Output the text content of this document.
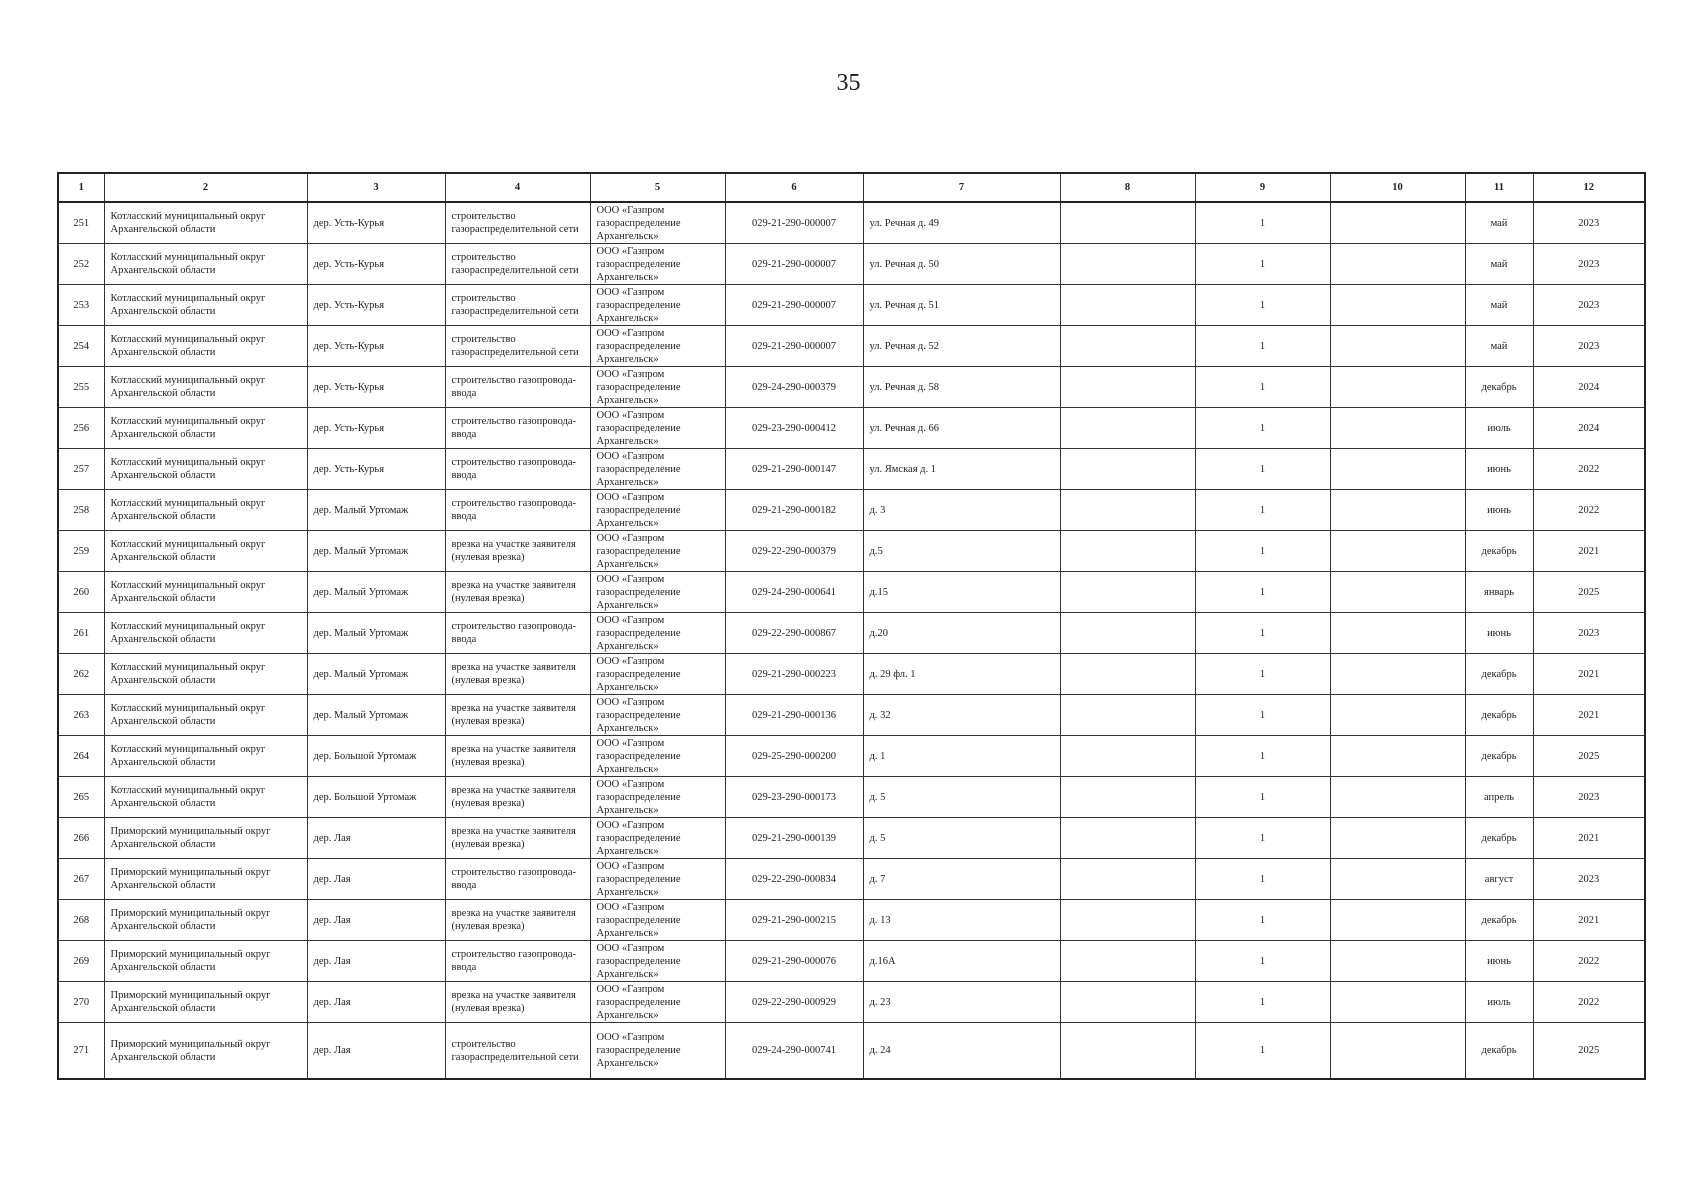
35
1	2	3	4	5	6	7	8	9	10	11	12
251	Котласский муниципальный округ Архангельской области	дер. Усть-Курья	строительство газораспределительной сети	ООО «Газпром газораспределение Архангельск»	029-21-290-000007	ул. Речная д. 49		1		май	2023
252	Котласский муниципальный округ Архангельской области	дер. Усть-Курья	строительство газораспределительной сети	ООО «Газпром газораспределение Архангельск»	029-21-290-000007	ул. Речная д. 50		1		май	2023
253	Котласский муниципальный округ Архангельской области	дер. Усть-Курья	строительство газораспределительной сети	ООО «Газпром газораспределение Архангельск»	029-21-290-000007	ул. Речная д. 51		1		май	2023
254	Котласский муниципальный округ Архангельской области	дер. Усть-Курья	строительство газораспределительной сети	ООО «Газпром газораспределение Архангельск»	029-21-290-000007	ул. Речная д. 52		1		май	2023
255	Котласский муниципальный округ Архангельской области	дер. Усть-Курья	строительство газопровода-ввода	ООО «Газпром газораспределение Архангельск»	029-24-290-000379	ул. Речная д. 58		1		декабрь	2024
256	Котласский муниципальный округ Архангельской области	дер. Усть-Курья	строительство газопровода-ввода	ООО «Газпром газораспределение Архангельск»	029-23-290-000412	ул. Речная д. 66		1		июль	2024
257	Котласский муниципальный округ Архангельской области	дер. Усть-Курья	строительство газопровода-ввода	ООО «Газпром газораспределение Архангельск»	029-21-290-000147	ул. Ямская д. 1		1		июнь	2022
258	Котласский муниципальный округ Архангельской области	дер. Малый Уртомаж	строительство газопровода-ввода	ООО «Газпром газораспределение Архангельск»	029-21-290-000182	д. 3		1		июнь	2022
259	Котласский муниципальный округ Архангельской области	дер. Малый Уртомаж	врезка на участке заявителя (нулевая врезка)	ООО «Газпром газораспределение Архангельск»	029-22-290-000379	д.5		1		декабрь	2021
260	Котласский муниципальный округ Архангельской области	дер. Малый Уртомаж	врезка на участке заявителя (нулевая врезка)	ООО «Газпром газораспределение Архангельск»	029-24-290-000641	д.15		1		январь	2025
261	Котласский муниципальный округ Архангельской области	дер. Малый Уртомаж	строительство газопровода-ввода	ООО «Газпром газораспределение Архангельск»	029-22-290-000867	д.20		1		июнь	2023
262	Котласский муниципальный округ Архангельской области	дер. Малый Уртомаж	врезка на участке заявителя (нулевая врезка)	ООО «Газпром газораспределение Архангельск»	029-21-290-000223	д. 29 фл. 1		1		декабрь	2021
263	Котласский муниципальный округ Архангельской области	дер. Малый Уртомаж	врезка на участке заявителя (нулевая врезка)	ООО «Газпром газораспределение Архангельск»	029-21-290-000136	д. 32		1		декабрь	2021
264	Котласский муниципальный округ Архангельской области	дер. Большой Уртомаж	врезка на участке заявителя (нулевая врезка)	ООО «Газпром газораспределение Архангельск»	029-25-290-000200	д. 1		1		декабрь	2025
265	Котласский муниципальный округ Архангельской области	дер. Большой Уртомаж	врезка на участке заявителя (нулевая врезка)	ООО «Газпром газораспределение Архангельск»	029-23-290-000173	д. 5		1		апрель	2023
266	Приморский муниципальный округ Архангельской области	дер. Лая	врезка на участке заявителя (нулевая врезка)	ООО «Газпром газораспределение Архангельск»	029-21-290-000139	д. 5		1		декабрь	2021
267	Приморский муниципальный округ Архангельской области	дер. Лая	строительство газопровода-ввода	ООО «Газпром газораспределение Архангельск»	029-22-290-000834	д. 7		1		август	2023
268	Приморский муниципальный округ Архангельской области	дер. Лая	врезка на участке заявителя (нулевая врезка)	ООО «Газпром газораспределение Архангельск»	029-21-290-000215	д. 13		1		декабрь	2021
269	Приморский муниципальный округ Архангельской области	дер. Лая	строительство газопровода-ввода	ООО «Газпром газораспределение Архангельск»	029-21-290-000076	д.16А		1		июнь	2022
270	Приморский муниципальный округ Архангельской области	дер. Лая	врезка на участке заявителя (нулевая врезка)	ООО «Газпром газораспределение Архангельск»	029-22-290-000929	д. 23		1		июль	2022
271	Приморский муниципальный округ Архангельской области	дер. Лая	строительство газораспределительной сети	ООО «Газпром газораспределение Архангельск»	029-24-290-000741	д. 24		1		декабрь	2025
